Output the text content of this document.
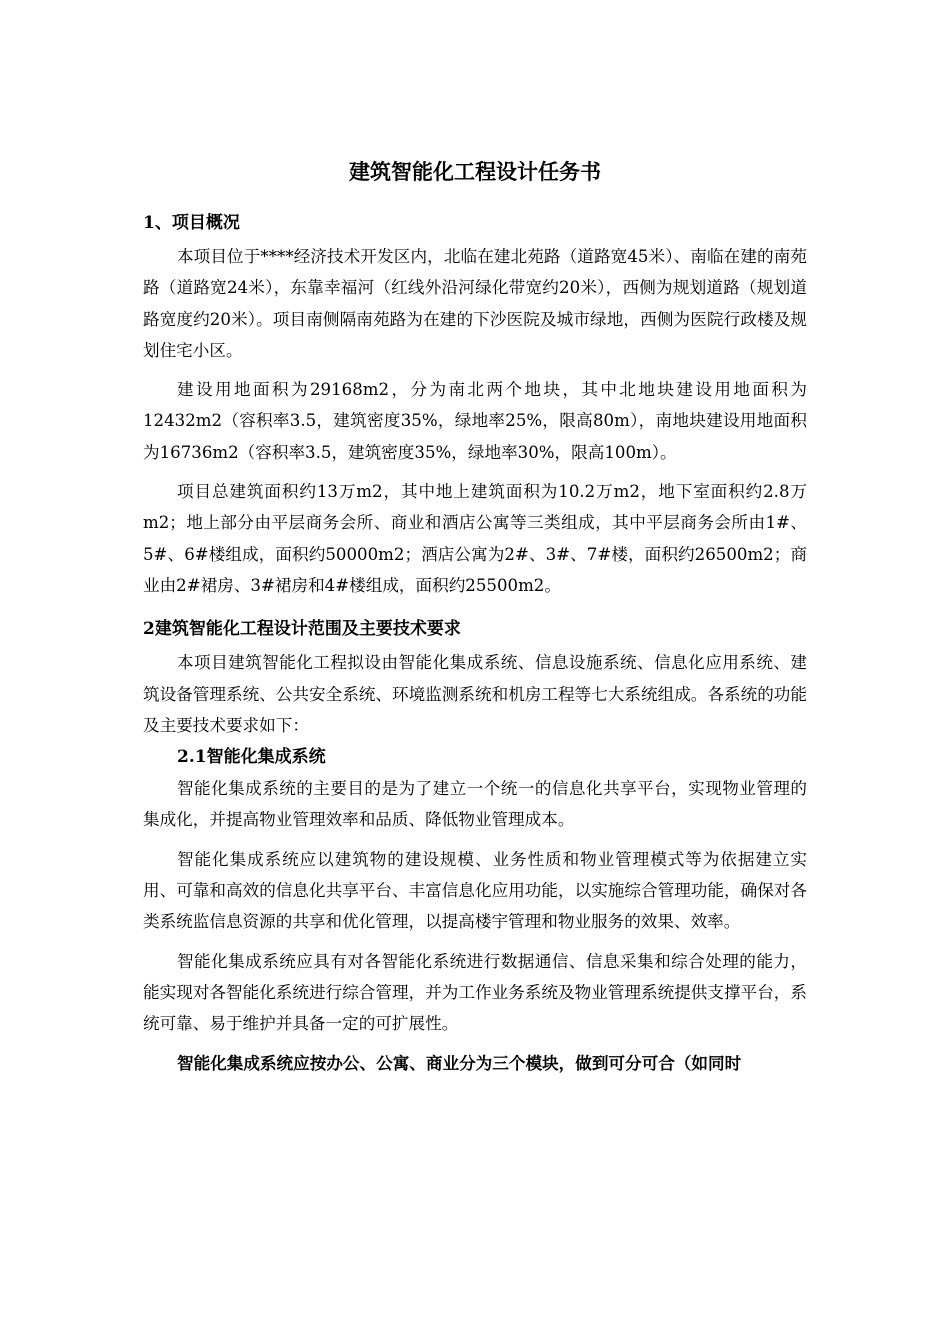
建筑智能化工程设计任务书

1、项目概况

本项目位于****经济技术开发区内，北临在建北苑路（道路宽45米）、南临在建的南苑路（道路宽24米），东靠幸福河（红线外沿河绿化带宽约20米），西侧为规划道路（规划道路宽度约20米）。项目南侧隔南苑路为在建的下沙医院及城市绿地，西侧为医院行政楼及规划住宅小区。

建设用地面积为29168m2，分为南北两个地块，其中北地块建设用地面积为12432m2（容积率3.5，建筑密度35%，绿地率25%，限高80m），南地块建设用地面积为16736m2（容积率3.5，建筑密度35%，绿地率30%，限高100m）。

项目总建筑面积约13万m2，其中地上建筑面积为10.2万m2，地下室面积约2.8万m2；地上部分由平层商务会所、商业和酒店公寓等三类组成，其中平层商务会所由1#、5#、6#楼组成，面积约50000m2；酒店公寓为2#、3#、7#楼，面积约26500m2；商业由2#裙房、3#裙房和4#楼组成，面积约25500m2。

2建筑智能化工程设计范围及主要技术要求

本项目建筑智能化工程拟设由智能化集成系统、信息设施系统、信息化应用系统、建筑设备管理系统、公共安全系统、环境监测系统和机房工程等七大系统组成。各系统的功能及主要技术要求如下：

2.1智能化集成系统

智能化集成系统的主要目的是为了建立一个统一的信息化共享平台，实现物业管理的集成化，并提高物业管理效率和品质、降低物业管理成本。

智能化集成系统应以建筑物的建设规模、业务性质和物业管理模式等为依据建立实用、可靠和高效的信息化共享平台、丰富信息化应用功能，以实施综合管理功能，确保对各类系统监信息资源的共享和优化管理，以提高楼宇管理和物业服务的效果、效率。

智能化集成系统应具有对各智能化系统进行数据通信、信息采集和综合处理的能力，能实现对各智能化系统进行综合管理，并为工作业务系统及物业管理系统提供支撑平台，系统可靠、易于维护并具备一定的可扩展性。

智能化集成系统应按办公、公寓、商业分为三个模块，做到可分可合（如同时
